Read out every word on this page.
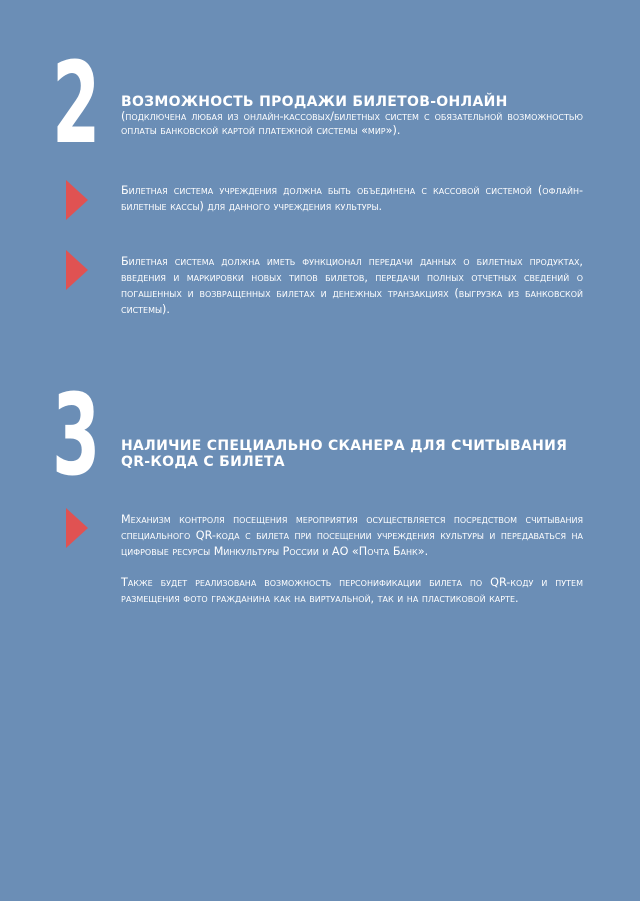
2 ВОЗМОЖНОСТЬ ПРОДАЖИ БИЛЕТОВ-ОНЛАЙН
(подключена любая из онлайн-кассовых/билетных систем с обязательной возможностью оплаты банковской картой платежной системы «мир»).
Билетная система учреждения должна быть объединена с кассовой системой (офлайн-билетные кассы) для данного учреждения культуры.
Билетная система должна иметь функционал передачи данных о билетных продуктах, введения и маркировки новых типов билетов, передачи полных отчетных сведений о погашенных и возвращенных билетах и денежных транзакциях (выгрузка из банковской системы).
3 НАЛИЧИЕ СПЕЦИАЛЬНО СКАНЕРА ДЛЯ СЧИТЫВАНИЯ QR-КОДА С БИЛЕТА
Механизм контроля посещения мероприятия осуществляется посредством считывания специального QR-кода с билета при посещении учреждения культуры и передаваться на цифровые ресурсы Минкультуры России и АО «Почта Банк».
Также будет реализована возможность персонификации билета по QR-коду и путем размещения фото гражданина как на виртуальной, так и на пластиковой карте.
